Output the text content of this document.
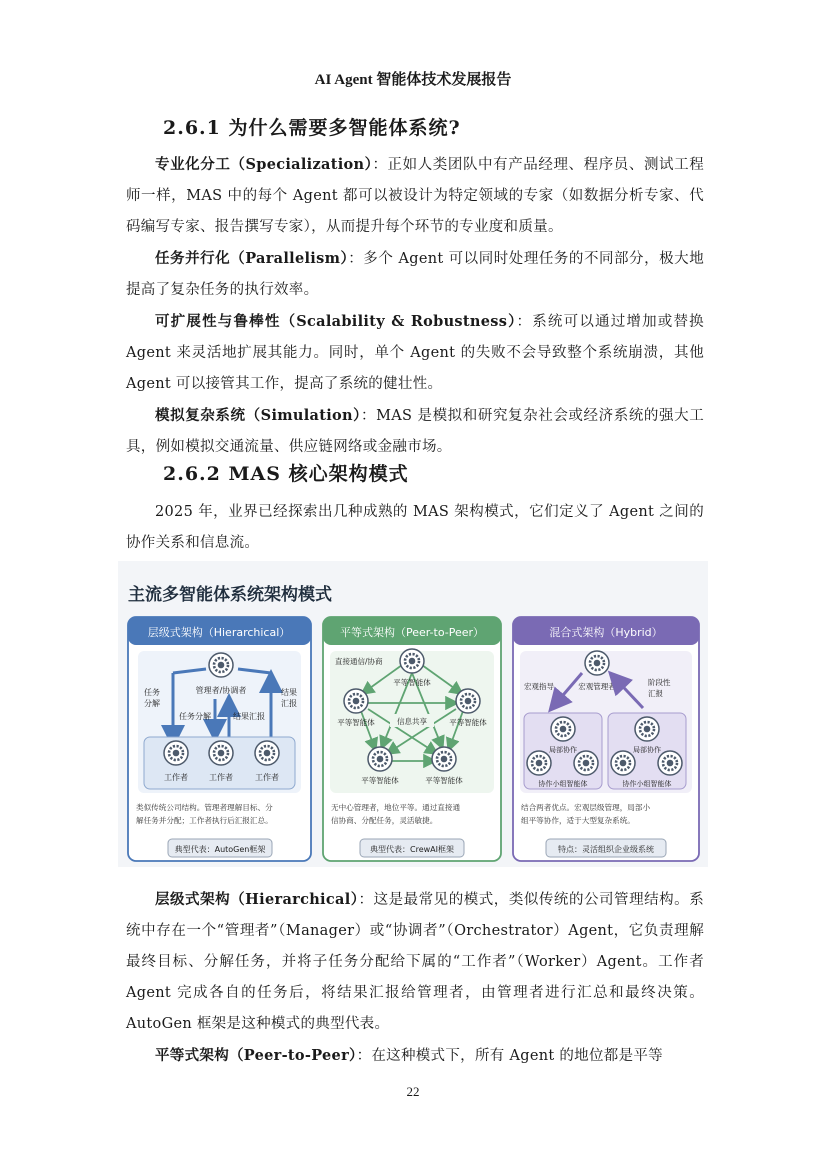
AI Agent 智能体技术发展报告
2.6.1 为什么需要多智能体系统?

专业化分工（Specialization）：正如人类团队中有产品经理、程序员、测试工程师一样，MAS 中的每个 Agent 都可以被设计为特定领域的专家（如数据分析专家、代码编写专家、报告撰写专家），从而提升每个环节的专业度和质量。

任务并行化（Parallelism）：多个 Agent 可以同时处理任务的不同部分，极大地提高了复杂任务的执行效率。

可扩展性与鲁棒性（Scalability & Robustness）：系统可以通过增加或替换 Agent 来灵活地扩展其能力。同时，单个 Agent 的失败不会导致整个系统崩溃，其他 Agent 可以接管其工作，提高了系统的健壮性。

模拟复杂系统（Simulation）：MAS 是模拟和研究复杂社会或经济系统的强大工具，例如模拟交通流量、供应链网络或金融市场。

2.6.2 MAS 核心架构模式

2025 年，业界已经探索出几种成熟的 MAS 架构模式，它们定义了 Agent 之间的协作关系和信息流。

主流多智能体系统架构模式
层级式架构（Hierarchical）
管理者/协调者
任务
分解
结果
汇报
任务分解	结果汇报
工作者	工作者	工作者
类似传统公司结构。管理者理解目标、分
解任务并分配；工作者执行后汇报汇总。
典型代表：AutoGen框架
平等式架构（Peer-to-Peer）
平等智能体
平等智能体	平等智能体
平等智能体	平等智能体
直接通信/协商
信息共享
无中心管理者，地位平等。通过直接通
信协商、分配任务，灵活敏捷。
典型代表：CrewAI框架
混合式架构（Hybrid）
宏观管理者
宏观指导	阶段性
汇报
局部协作	局部协作
协作小组智能体	协作小组智能体
结合两者优点。宏观层级管理，局部小
组平等协作，适于大型复杂系统。
特点：灵活组织企业级系统

层级式架构（Hierarchical）：这是最常见的模式，类似传统的公司管理结构。系统中存在一个“管理者”（Manager）或“协调者”（Orchestrator）Agent，它负责理解最终目标、分解任务，并将子任务分配给下属的“工作者”（Worker）Agent。工作者 Agent 完成各自的任务后，将结果汇报给管理者，由管理者进行汇总和最终决策。AutoGen 框架是这种模式的典型代表。

平等式架构（Peer-to-Peer）：在这种模式下，所有 Agent 的地位都是平等

22
